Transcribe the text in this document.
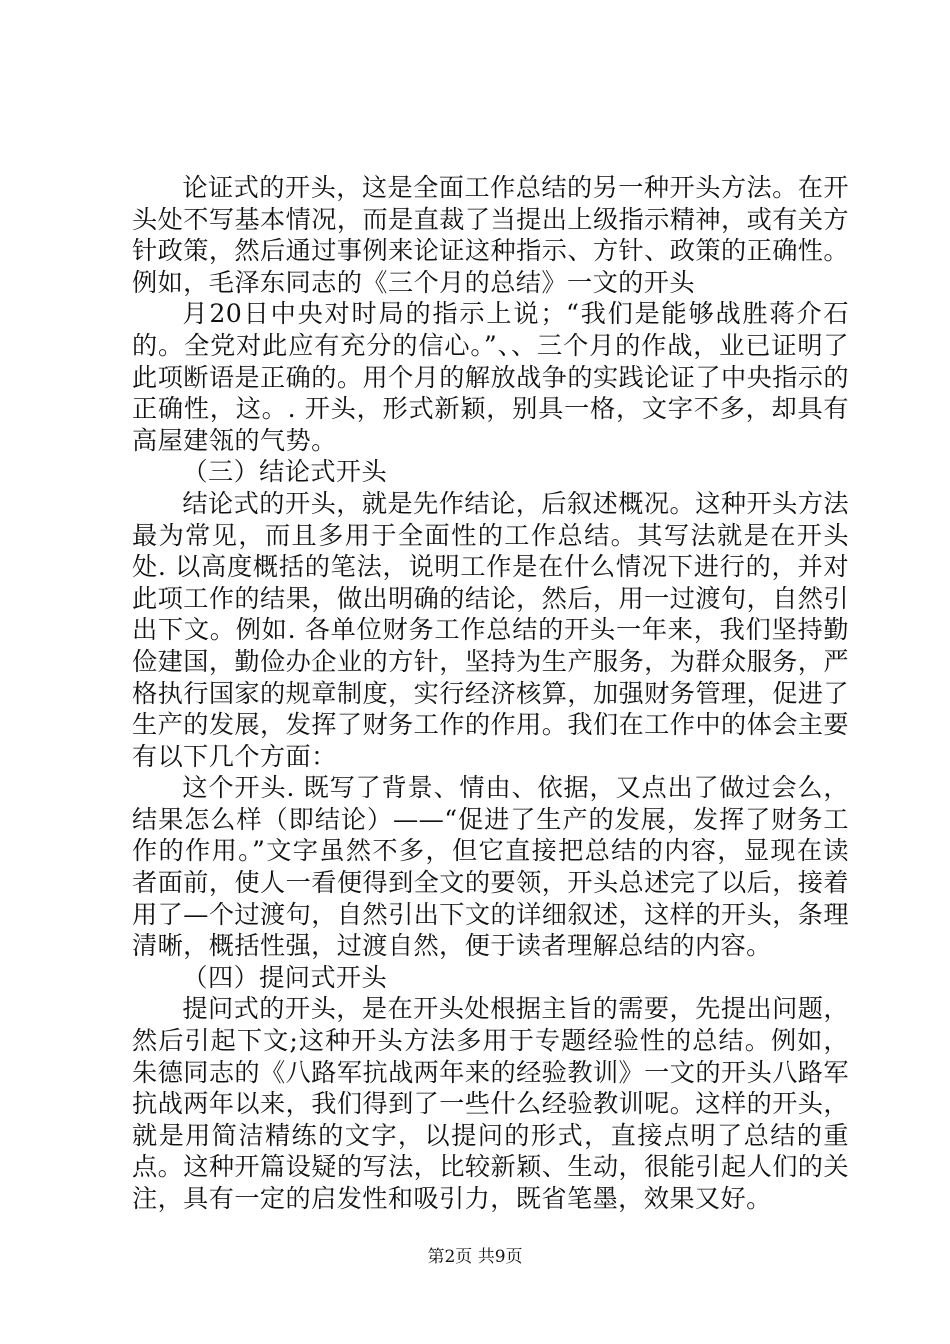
论证式的开头，这是全面工作总结的另一种开头方法。在开头处不写基本情况，而是直裁了当提出上级指示精神，或有关方针政策，然后通过事例来论证这种指示、方针、政策的正确性。例如，毛泽东同志的《三个月的总结》一文的开头

月20日中央对时局的指示上说；“我们是能够战胜蒋介石的。全党对此应有充分的信心。”、、三个月的作战，业已证明了此项断语是正确的。用个月的解放战争的实践论证了中央指示的正确性，这。. 开头，形式新颖，别具一格，文字不多，却具有高屋建瓴的气势。

（三）结论式开头

结论式的开头，就是先作结论，后叙述概况。这种开头方法最为常见，而且多用于全面性的工作总结。其写法就是在开头处. 以高度概括的笔法，说明工作是在什么情况下进行的，并对此项工作的结果，做出明确的结论，然后，用一过渡句，自然引出下文。例如. 各单位财务工作总结的开头一年来，我们坚持勤俭建国，勤俭办企业的方针，坚持为生产服务，为群众服务，严格执行国家的规章制度，实行经济核算，加强财务管理，促进了生产的发展，发挥了财务工作的作用。我们在工作中的体会主要有以下几个方面：

这个开头. 既写了背景、情由、依据，又点出了做过会么，结果怎么样（即结论）——“促进了生产的发展，发挥了财务工作的作用。”文字虽然不多，但它直接把总结的内容，显现在读者面前，使人一看便得到全文的要领，开头总述完了以后，接着用了—个过渡句，自然引出下文的详细叙述，这样的开头，条理清晰，概括性强，过渡自然，便于读者理解总结的内容。

（四）提问式开头

提问式的开头，是在开头处根据主旨的需要，先提出问题，然后引起下文;这种开头方法多用于专题经验性的总结。例如，朱德同志的《八路军抗战两年来的经验教训》一文的开头八路军抗战两年以来，我们得到了一些什么经验教训呢。这样的开头，就是用简洁精练的文字，以提问的形式，直接点明了总结的重点。这种开篇设疑的写法，比较新颖、生动，很能引起人们的关注，具有一定的启发性和吸引力，既省笔墨，效果又好。

第2页 共9页
